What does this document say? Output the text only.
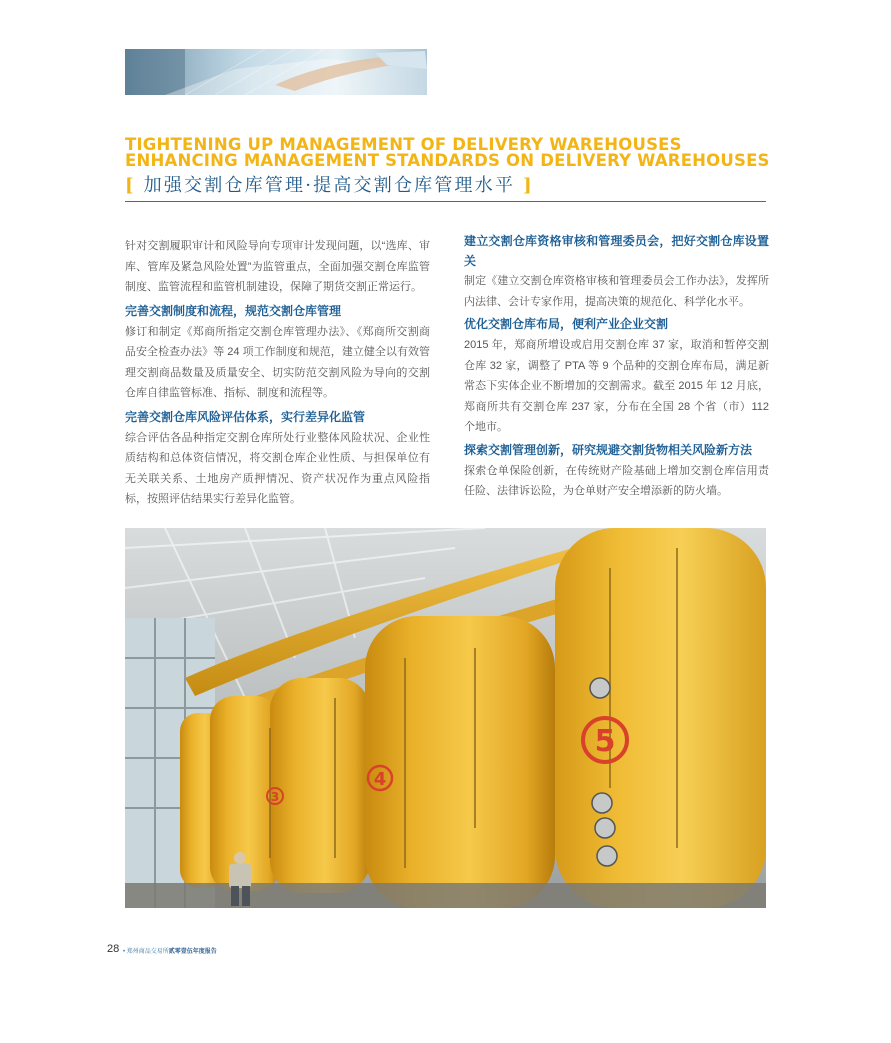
TIGHTENING UP MANAGEMENT OF DELIVERY WAREHOUSES
ENHANCING MANAGEMENT STANDARDS ON DELIVERY WAREHOUSES
[ 加强交割仓库管理·提高交割仓库管理水平 ]

针对交割履职审计和风险导向专项审计发现问题，以“选库、审库、管库及紧急风险处置”为监管重点，全面加强交割仓库监管制度、监管流程和监管机制建设，保障了期货交割正常运行。

完善交割制度和流程，规范交割仓库管理

修订和制定《郑商所指定交割仓库管理办法》、《郑商所交割商品安全检查办法》等 24 项工作制度和规范，建立健全以有效管理交割商品数量及质量安全、切实防范交割风险为导向的交割仓库自律监管标准、指标、制度和流程等。

完善交割仓库风险评估体系，实行差异化监管

综合评估各品种指定交割仓库所处行业整体风险状况、企业性质结构和总体资信情况，将交割仓库企业性质、与担保单位有无关联关系、土地房产质押情况、资产状况作为重点风险指标，按照评估结果实行差异化监管。

建立交割仓库资格审核和管理委员会，把好交割仓库设置关

制定《建立交割仓库资格审核和管理委员会工作办法》，发挥所内法律、会计专家作用，提高决策的规范化、科学化水平。

优化交割仓库布局，便利产业企业交割

2015 年，郑商所增设或启用交割仓库 37 家，取消和暂停交割仓库 32 家，调整了 PTA 等 9 个品种的交割仓库布局，满足新常态下实体企业不断增加的交割需求。截至 2015 年 12 月底，郑商所共有交割仓库 237 家，分布在全国 28 个省（市）112 个地市。

探索交割管理创新，研究规避交割货物相关风险新方法

探索仓单保险创新，在传统财产险基础上增加交割仓库信用责任险、法律诉讼险，为仓单财产安全增添新的防火墙。

5
4
3
28 • 郑州商品交易所贰零壹伍年度报告
